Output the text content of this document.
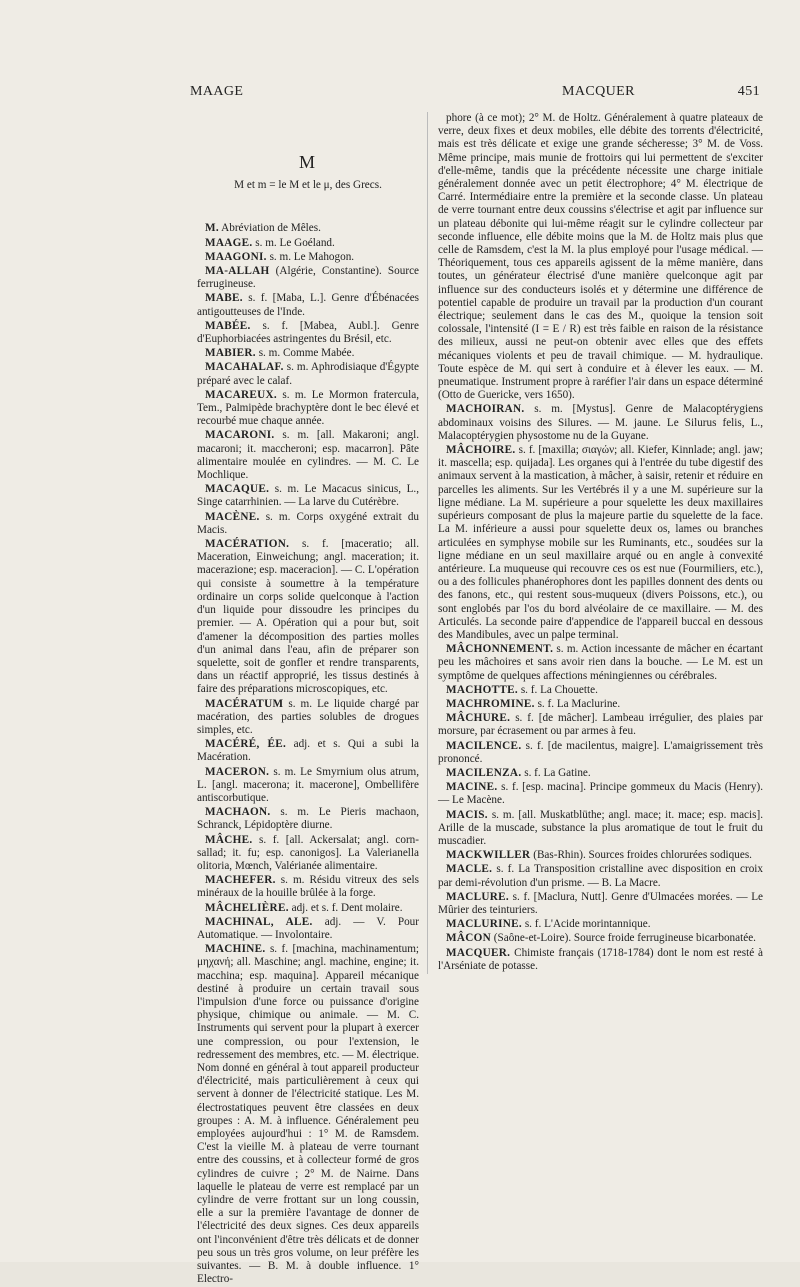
MAAGE	MACQUER	451
M
M et m = le M et le μ, des Grecs.

M. Abréviation de Mêles.

MAAGE. s. m. Le Goéland.

MAAGONI. s. m. Le Mahogon.

MA-ALLAH (Algérie, Constantine). Source ferrugineuse.

MABE. s. f. [Maba, L.]. Genre d'Ébénacées antigoutteuses de l'Inde.

MABÉE. s. f. [Mabea, Aubl.]. Genre d'Euphorbiacées astringentes du Brésil, etc.

MABIER. s. m. Comme Mabée.

MACAHALAF. s. m. Aphrodisiaque d'Égypte préparé avec le calaf.

MACAREUX. s. m. Le Mormon fratercula, Tem., Palmipède brachyptère dont le bec élevé et recourbé mue chaque année.

MACARONI. s. m. [all. Makaroni; angl. macaroni; it. maccheroni; esp. macarron]. Pâte alimentaire moulée en cylindres. — M. C. Le Mochlique.

MACAQUE. s. m. Le Macacus sinicus, L., Singe catarrhinien. — La larve du Cutérèbre.

MACÈNE. s. m. Corps oxygéné extrait du Macis.

MACÉRATION. s. f. [maceratio; all. Maceration, Einweichung; angl. maceration; it. macerazione; esp. maceracion]. — C. L'opération qui consiste à soumettre à la température ordinaire un corps solide quelconque à l'action d'un liquide pour dissoudre les principes du premier. — A. Opération qui a pour but, soit d'amener la décomposition des parties molles d'un animal dans l'eau, afin de préparer son squelette, soit de gonfler et rendre transparents, dans un réactif approprié, les tissus destinés à faire des préparations microscopiques, etc.

MACÉRATUM s. m. Le liquide chargé par macération, des parties solubles de drogues simples, etc.

MACÉRÉ, ÉE. adj. et s. Qui a subi la Macération.

MACERON. s. m. Le Smyrnium olus atrum, L. [angl. macerona; it. macerone], Ombellifère antiscorbutique.

MACHAON. s. m. Le Pieris machaon, Schranck, Lépidoptère diurne.

MÂCHE. s. f. [all. Ackersalat; angl. corn-sallad; it. fu; esp. canonigos]. La Valerianella olitoria, Mœnch, Valérianée alimentaire.

MACHEFER. s. m. Résidu vitreux des sels minéraux de la houille brûlée à la forge.

MÂCHELIÈRE. adj. et s. f. Dent molaire.

MACHINAL, ALE. adj. — V. Pour Automatique. — Involontaire.

MACHINE. s. f. [machina, machinamentum; μηχανή; all. Maschine; angl. machine, engine; it. macchina; esp. maquina]. Appareil mécanique destiné à produire un certain travail sous l'impulsion d'une force ou puissance d'origine physique, chimique ou animale. — M. C. Instruments qui servent pour la plupart à exercer une compression, ou pour l'extension, le redressement des membres, etc. — M. électrique. Nom donné en général à tout appareil producteur d'électricité, mais particulièrement à ceux qui servent à donner de l'électricité statique. Les M. électrostatiques peuvent être classées en deux groupes : A. M. à influence. Généralement peu employées aujourd'hui : 1° M. de Ramsdem. C'est la vieille M. à plateau de verre tournant entre des coussins, et à collecteur formé de gros cylindres de cuivre ; 2° M. de Nairne. Dans laquelle le plateau de verre est remplacé par un cylindre de verre frottant sur un long coussin, elle a sur la première l'avantage de donner de l'électricité des deux signes. Ces deux appareils ont l'inconvénient d'être très délicats et de donner peu sous un très gros volume, on leur préfère les suivantes. — B. M. à double influence. 1° Electro-

phore (à ce mot); 2° M. de Holtz. Généralement à quatre plateaux de verre, deux fixes et deux mobiles, elle débite des torrents d'électricité, mais est très délicate et exige une grande sécheresse; 3° M. de Voss. Même principe, mais munie de frottoirs qui lui permettent de s'exciter d'elle-même, tandis que la précédente nécessite une charge initiale généralement donnée avec un petit électrophore; 4° M. électrique de Carré. Intermédiaire entre la première et la seconde classe. Un plateau de verre tournant entre deux coussins s'électrise et agit par influence sur un plateau débonite qui lui-même réagit sur le cylindre collecteur par seconde influence, elle débite moins que la M. de Holtz mais plus que celle de Ramsdem, c'est la M. la plus employé pour l'usage médical. — Théoriquement, tous ces appareils agissent de la même manière, dans toutes, un générateur électrisé d'une manière quelconque agit par influence sur des conducteurs isolés et y détermine une différence de potentiel capable de produire un travail par la production d'un courant électrique; seulement dans le cas des M., quoique la tension soit colossale, l'intensité (I = E / R) est très faible en raison de la résistance des milieux, aussi ne peut-on obtenir avec elles que des effets mécaniques violents et peu de travail chimique. — M. hydraulique. Toute espèce de M. qui sert à conduire et à élever les eaux. — M. pneumatique. Instrument propre à raréfier l'air dans un espace déterminé (Otto de Guericke, vers 1650).

MACHOIRAN. s. m. [Mystus]. Genre de Malacoptérygiens abdominaux voisins des Silures. — M. jaune. Le Silurus felis, L., Malacoptérygien physostome nu de la Guyane.

MÂCHOIRE. s. f. [maxilla; σιαγών; all. Kiefer, Kinnlade; angl. jaw; it. mascella; esp. quijada]. Les organes qui à l'entrée du tube digestif des animaux servent à la mastication, à mâcher, à saisir, retenir et réduire en parcelles les aliments. Sur les Vertébrés il y a une M. supérieure sur la ligne médiane. La M. supérieure a pour squelette les deux maxillaires supérieurs composant de plus la majeure partie du squelette de la face. La M. inférieure a aussi pour squelette deux os, lames ou branches articulées en symphyse mobile sur les Ruminants, etc., soudées sur la ligne médiane en un seul maxillaire arqué ou en angle à convexité antérieure. La muqueuse qui recouvre ces os est nue (Fourmiliers, etc.), ou a des follicules phanérophores dont les papilles donnent des dents ou des fanons, etc., qui restent sous-muqueux (divers Poissons, etc.), ou sont englobés par l'os du bord alvéolaire de ce maxillaire. — M. des Articulés. La seconde paire d'appendice de l'appareil buccal en dessous des Mandibules, avec un palpe terminal.

MÂCHONNEMENT. s. m. Action incessante de mâcher en écartant peu les mâchoires et sans avoir rien dans la bouche. — Le M. est un symptôme de quelques affections méningiennes ou cérébrales.

MACHOTTE. s. f. La Chouette.

MACHROMINE. s. f. La Maclurine.

MÂCHURE. s. f. [de mâcher]. Lambeau irrégulier, des plaies par morsure, par écrasement ou par armes à feu.

MACILENCE. s. f. [de macilentus, maigre]. L'amaigrissement très prononcé.

MACILENZA. s. f. La Gatine.

MACINE. s. f. [esp. macina]. Principe gommeux du Macis (Henry). — Le Macène.

MACIS. s. m. [all. Muskatblüthe; angl. mace; it. mace; esp. macis]. Arille de la muscade, substance la plus aromatique de tout le fruit du muscadier.

MACKWILLER (Bas-Rhin). Sources froides chlorurées sodiques.

MACLE. s. f. La Transposition cristalline avec disposition en croix par demi-révolution d'un prisme. — B. La Macre.

MACLURE. s. f. [Maclura, Nutt]. Genre d'Ulmacées morées. — Le Mûrier des teinturiers.

MACLURINE. s. f. L'Acide morintannique.

MÂCON (Saône-et-Loire). Source froide ferrugineuse bicarbonatée.

MACQUER. Chimiste français (1718-1784) dont le nom est resté à l'Arséniate de potasse.
